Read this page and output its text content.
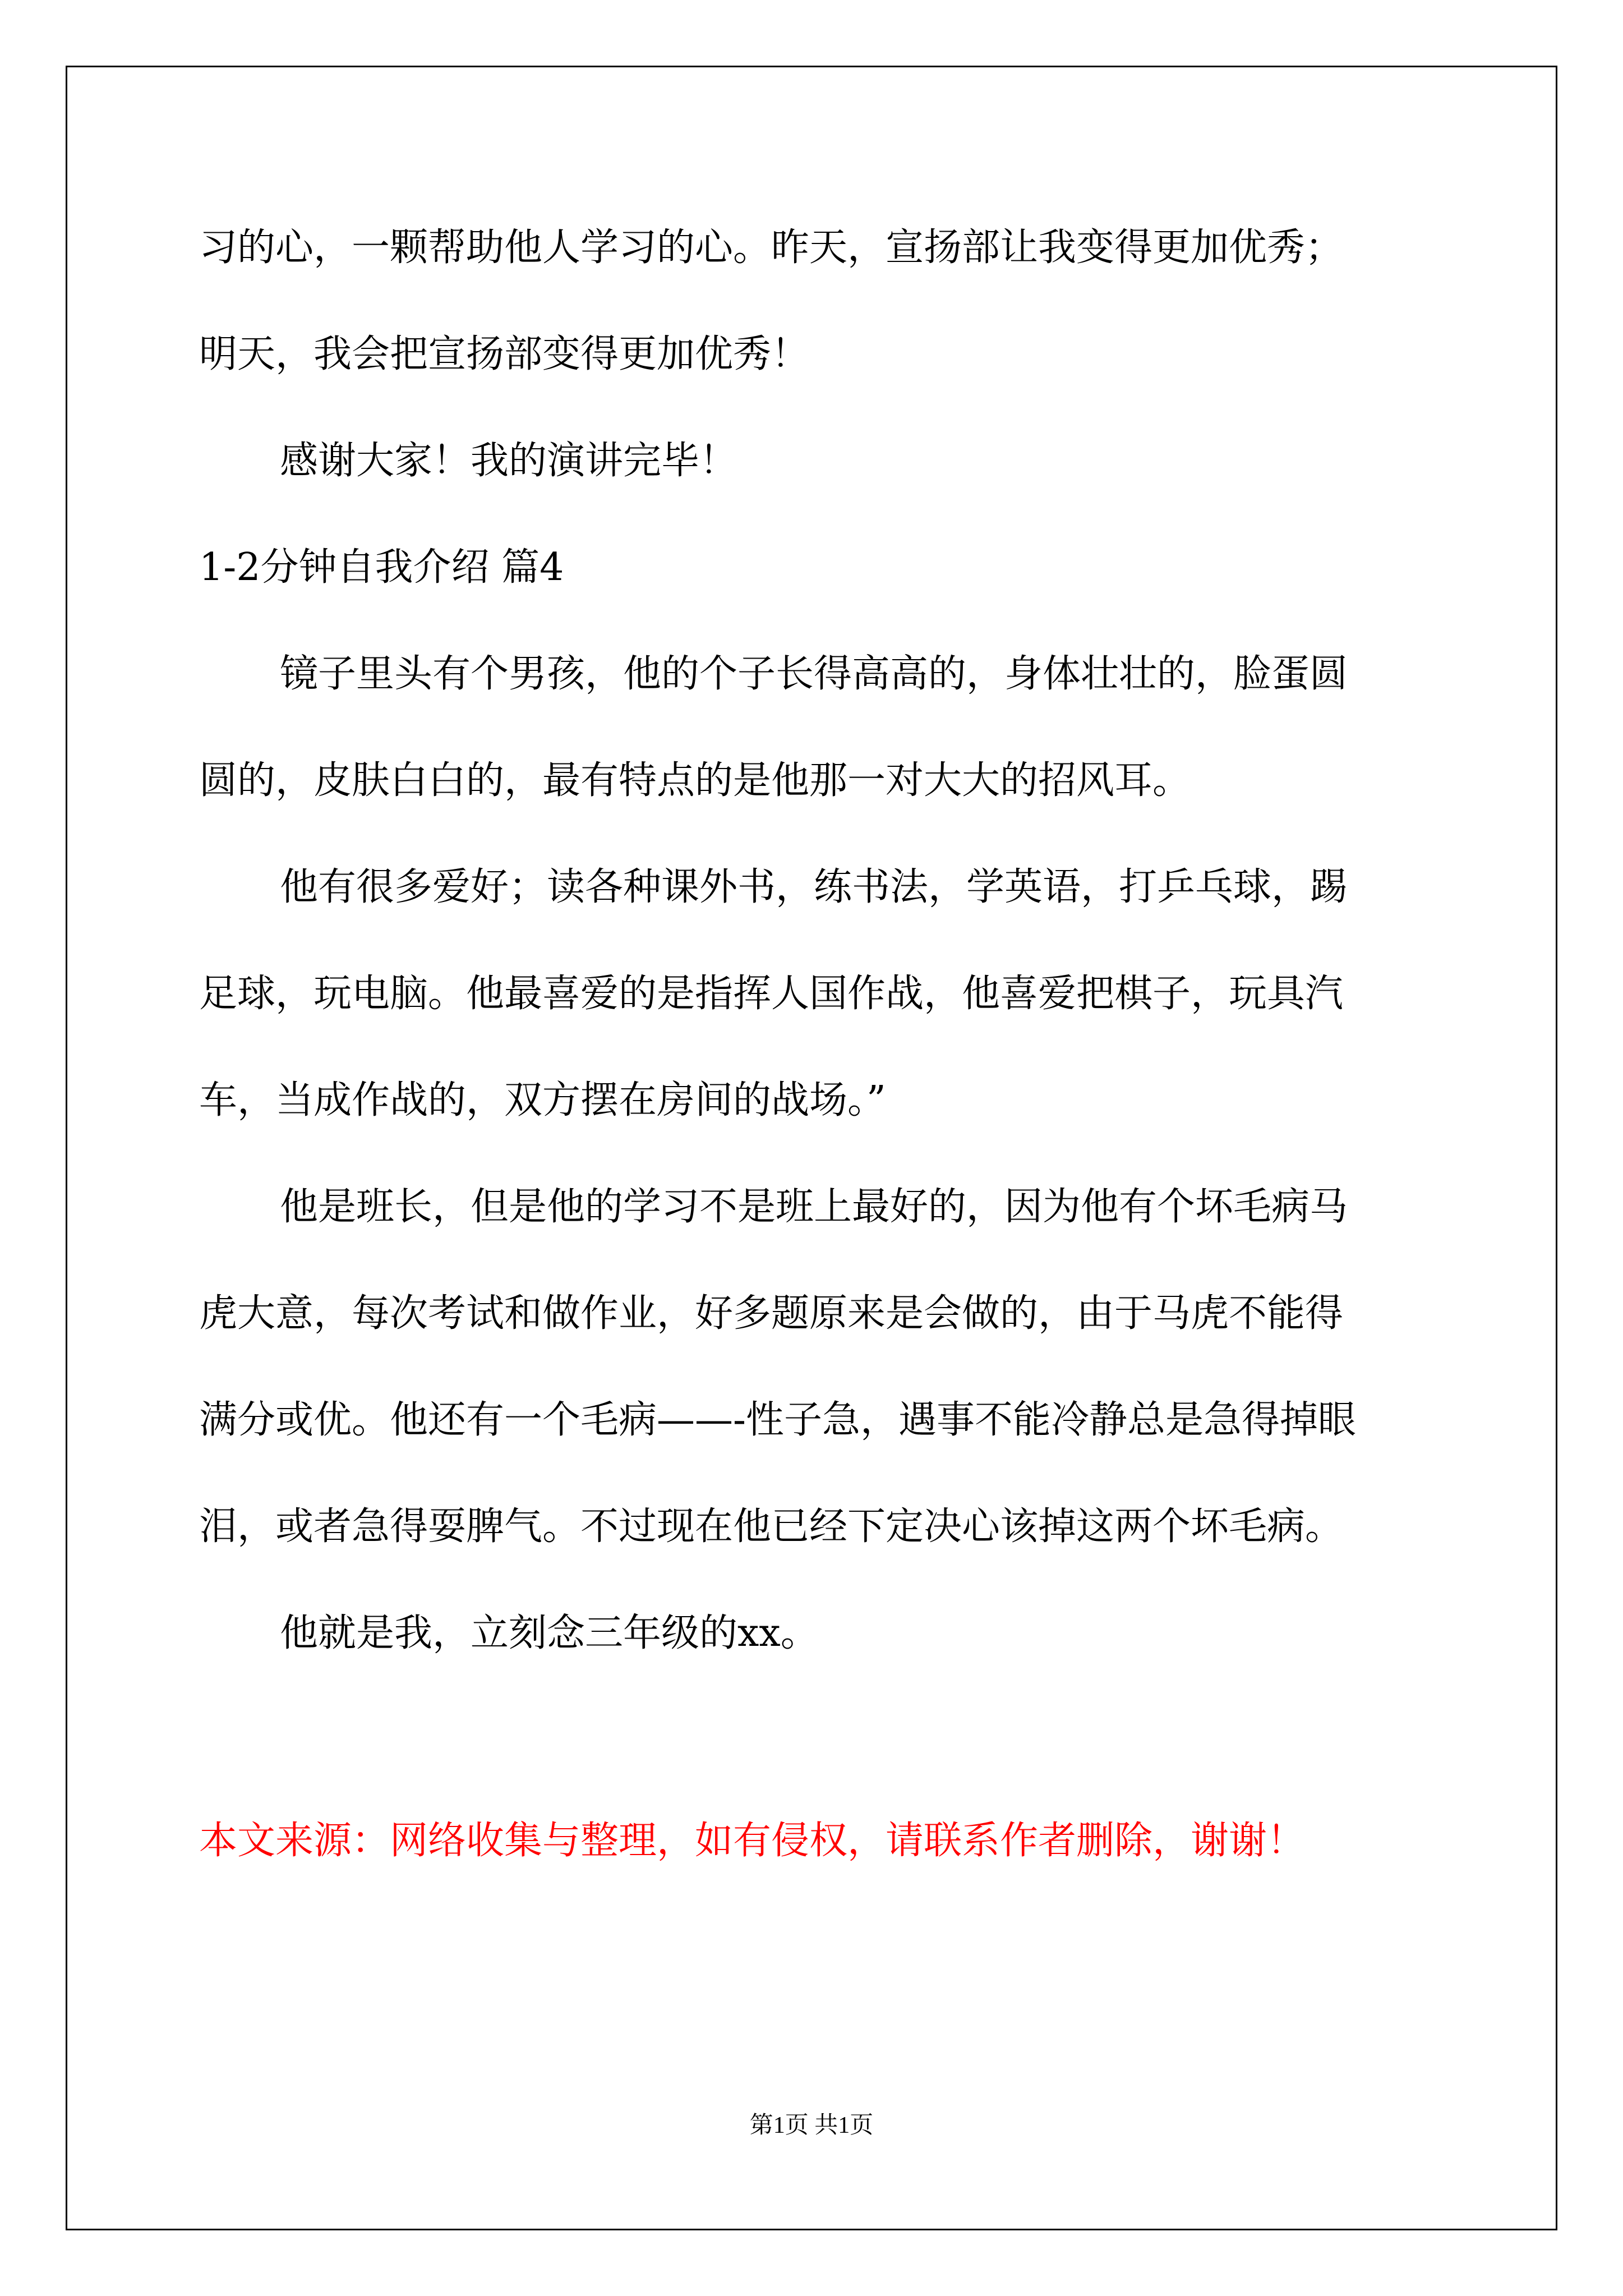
习的心，一颗帮助他人学习的心。昨天，宣扬部让我变得更加优秀；
明天，我会把宣扬部变得更加优秀！
感谢大家！我的演讲完毕！
1-2分钟自我介绍 篇4
镜子里头有个男孩，他的个子长得高高的，身体壮壮的，脸蛋圆
圆的，皮肤白白的，最有特点的是他那一对大大的招风耳。
他有很多爱好；读各种课外书，练书法，学英语，打乒乓球，踢
足球，玩电脑。他最喜爱的是指挥人国作战，他喜爱把棋子，玩具汽
车，当成作战的，双方摆在房间的战场。”
他是班长，但是他的学习不是班上最好的，因为他有个坏毛病马
虎大意，每次考试和做作业，好多题原来是会做的，由于马虎不能得
满分或优。他还有一个毛病——-性子急，遇事不能冷静总是急得掉眼
泪，或者急得耍脾气。不过现在他已经下定决心该掉这两个坏毛病。
他就是我，立刻念三年级的xx。
本文来源：网络收集与整理，如有侵权，请联系作者删除，谢谢！
第1页 共1页
